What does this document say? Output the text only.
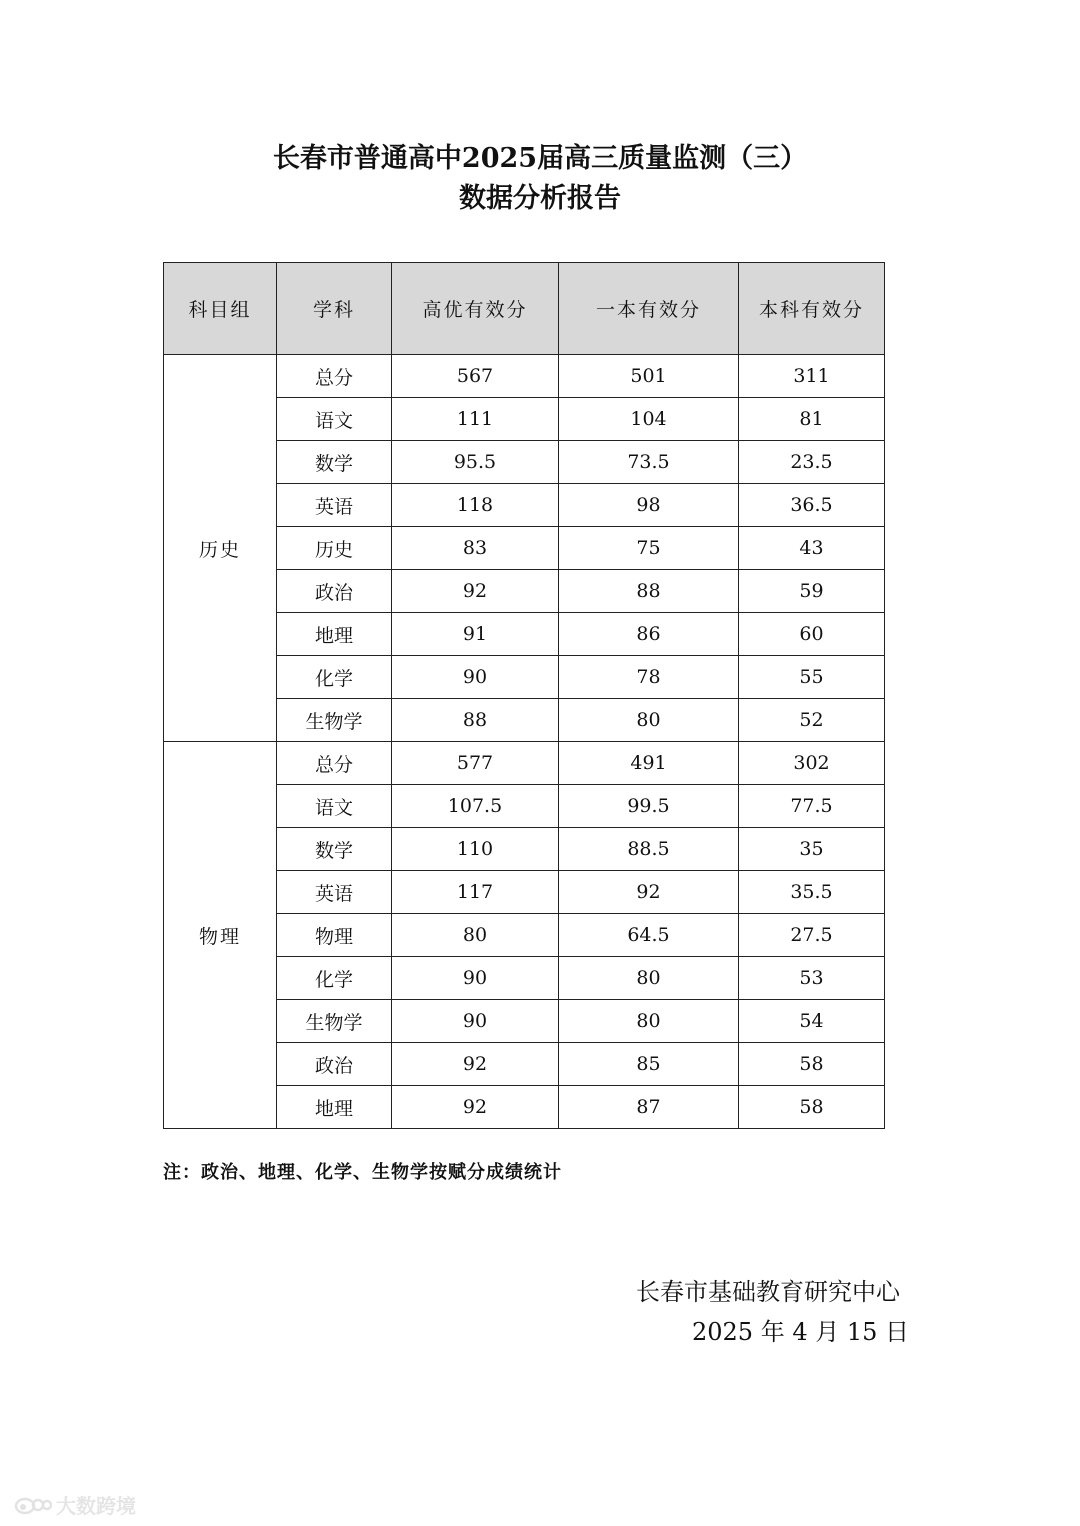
长春市普通高中2025届高三质量监测（三）
数据分析报告
科目组	学科	高优有效分	一本有效分	本科有效分
历史	总分	567	501	311
	语文	111	104	81
	数学	95.5	73.5	23.5
	英语	118	98	36.5
	历史	83	75	43
	政治	92	88	59
	地理	91	86	60
	化学	90	78	55
	生物学	88	80	52
物理	总分	577	491	302
	语文	107.5	99.5	77.5
	数学	110	88.5	35
	英语	117	92	35.5
	物理	80	64.5	27.5
	化学	90	80	53
	生物学	90	80	54
	政治	92	85	58
	地理	92	87	58
注：政治、地理、化学、生物学按赋分成绩统计
长春市基础教育研究中心
2025 年 4 月 15 日
大数跨境
